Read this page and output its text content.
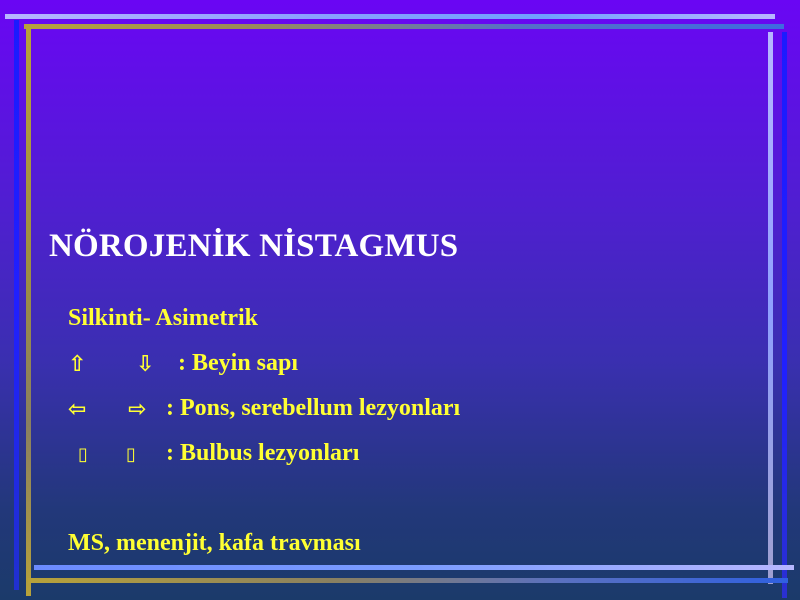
NÖROJENİK NİSTAGMUS
Silkinti- Asimetrik
⇧ ⇩ : Beyin sapı
⇦ ⇨ : Pons, serebellum lezyonları
▯ ▯ : Bulbus lezyonları
MS, menenjit, kafa travması
